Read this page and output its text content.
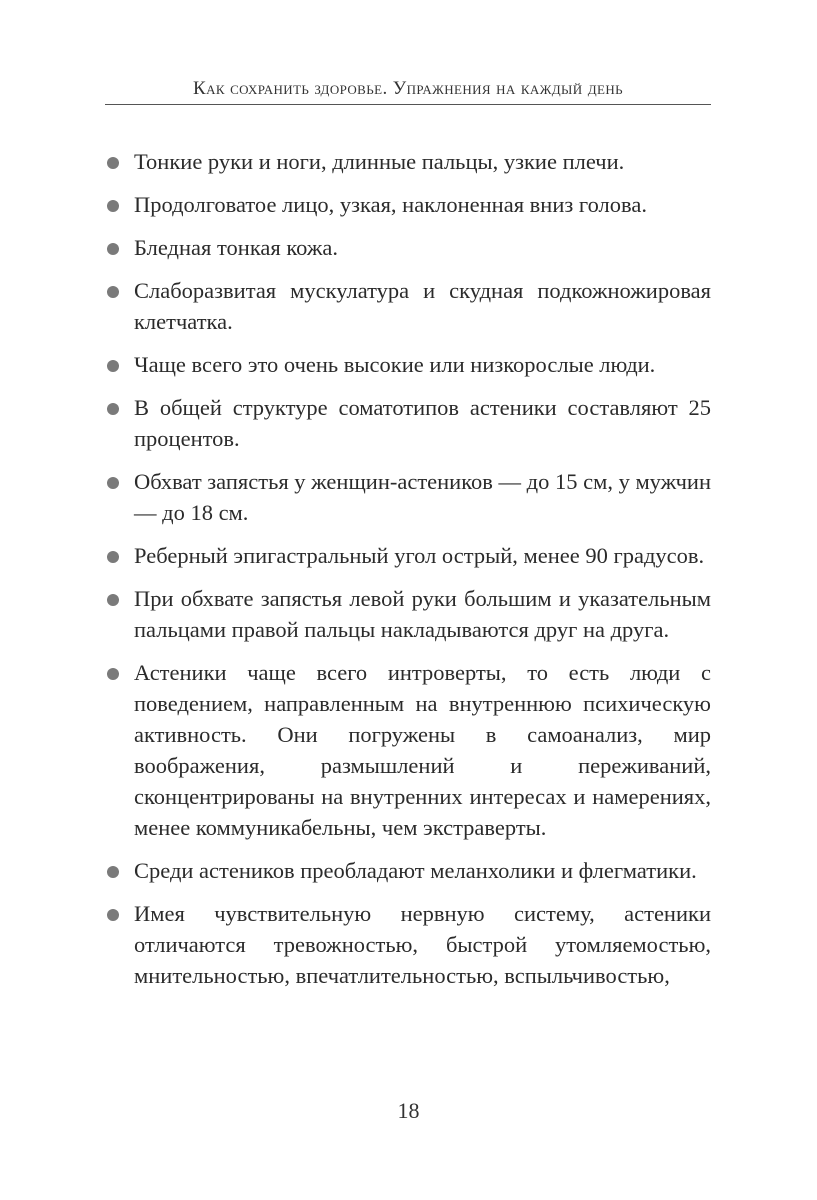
Как сохранить здоровье. Упражнения на каждый день
Тонкие руки и ноги, длинные пальцы, узкие плечи.
Продолговатое лицо, узкая, наклоненная вниз голова.
Бледная тонкая кожа.
Слаборазвитая мускулатура и скудная подкожножировая клетчатка.
Чаще всего это очень высокие или низкорослые люди.
В общей структуре соматотипов астеники составляют 25 процентов.
Обхват запястья у женщин-астеников — до 15 см, у мужчин — до 18 см.
Реберный эпигастральный угол острый, менее 90 градусов.
При обхвате запястья левой руки большим и указательным пальцами правой пальцы накладываются друг на друга.
Астеники чаще всего интроверты, то есть люди с поведением, направленным на внутреннюю психическую активность. Они погружены в самоанализ, мир воображения, размышлений и переживаний, сконцентрированы на внутренних интересах и намерениях, менее коммуникабельны, чем экстраверты.
Среди астеников преобладают меланхолики и флегматики.
Имея чувствительную нервную систему, астеники отличаются тревожностью, быстрой утомляемостью, мнительностью, впечатлительностью, вспыльчивостью,
18
